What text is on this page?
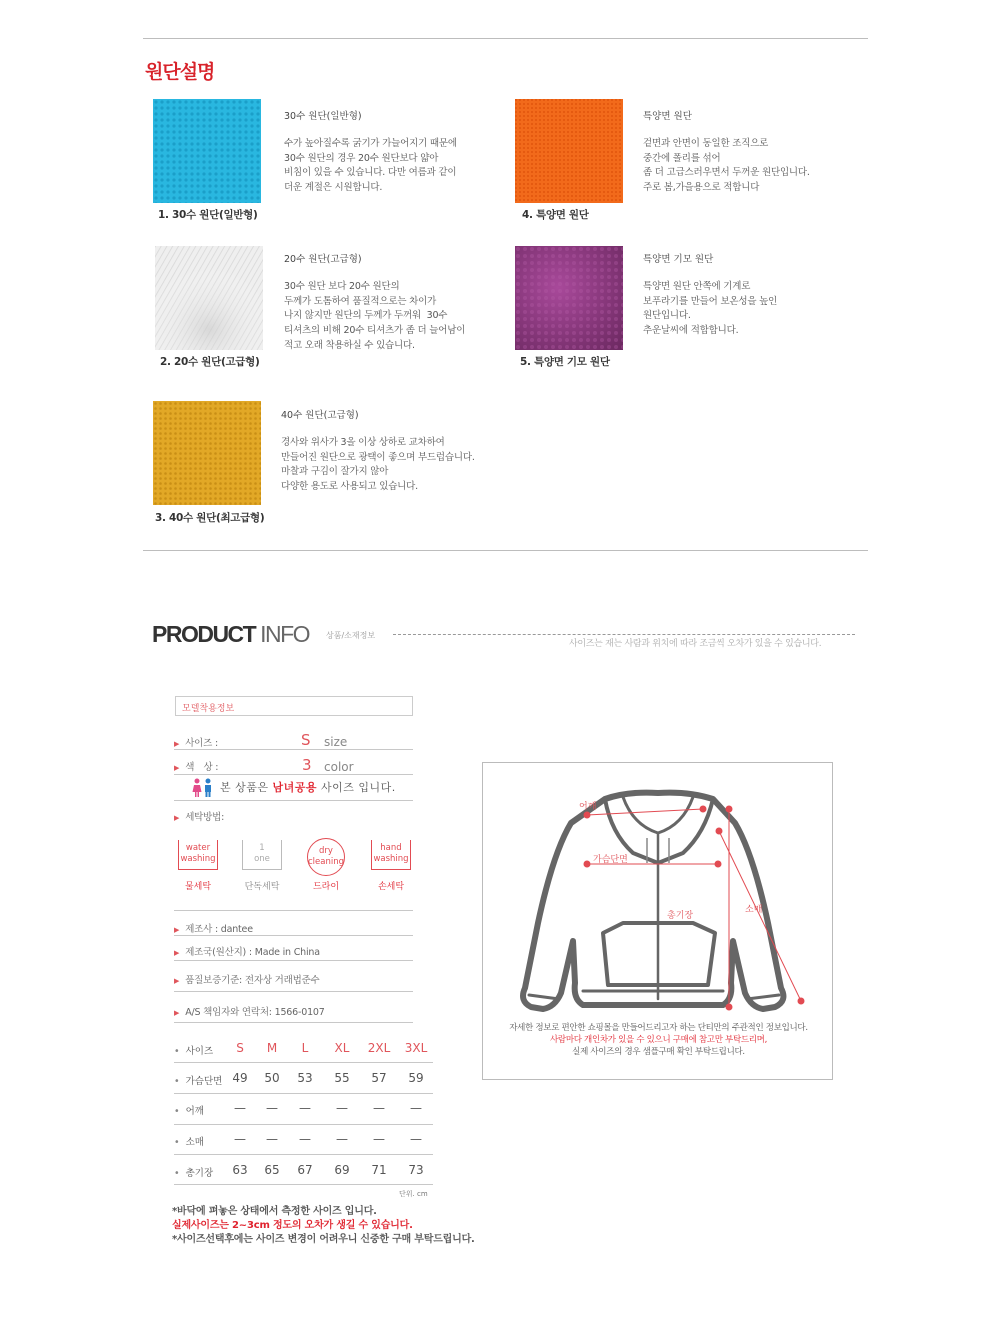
원단설명
1. 30수 원단(일반형)
30수 원단(일반형)
수가 높아질수록 굵기가 가늘어지기 때문에
30수 원단의 경우 20수 원단보다 얇아
비침이 있을 수 있습니다. 다만 여름과 같이
더운 계절은 시원합니다.
2. 20수 원단(고급형)
20수 원단(고급형)
30수 원단 보다 20수 원단의
두께가 도톰하여 품질적으로는 차이가
나지 않지만 원단의 두께가 두꺼워  30수
티셔츠의 비해 20수 티셔츠가 좀 더 늘어남이
적고 오래 착용하실 수 있습니다.
3. 40수 원단(최고급형)
40수 원단(고급형)
경사와 위사가 3올 이상 상하로 교차하여
만들어진 원단으로 광택이 좋으며 부드럽습니다.
마찰과 구김이 잘가지 않아
다양한 용도로 사용되고 있습니다.
4. 특양면 원단
특양면 원단
겉면과 안면이 동일한 조직으로
중간에 폴리를 섞어
좀 더 고급스러우면서 두꺼운 원단입니다.
주로 봄,가을용으로 적합니다
5. 특양면 기모 원단
특양면 기모 원단
특양면 원단 안쪽에 기계로
보푸라기를 만들어 보온성을 높인
원단입니다.
추운날씨에 적합합니다.
PRODUCT INFO 상품/소재정보
사이즈는 재는 사람과 위치에 따라 조금씩 오차가 있을 수 있습니다.
모델착용정보
▶ 사이즈 :	S size
▶ 색　상 :	3 color
본 상품은 남녀공용 사이즈 입니다.
▶ 세탁방법:
water
washing
물세탁
1
one
단독세탁
dry
cleaning
드라이
hand
washing
손세탁
▶ 제조사 : dantee
▶ 제조국(원산지) : Made in China
▶ 품질보증기준: 전자상 거래법준수
▶ A/S 책임자와 연락처: 1566-0107
• 사이즈	S	M	L	XL	2XL	3XL
• 가슴단면 49	50	53	55	57	59
• 어깨	—	—	—	—	—	—
• 소매	—	—	—	—	—	—
• 총기장	63	65	67	69	71	73
단위. cm
*바닥에 펴놓은 상태에서 측정한 사이즈 입니다.
실제사이즈는 2~3cm 정도의 오차가 생길 수 있습니다.
*사이즈선택후에는 사이즈 변경이 어려우니 신중한 구매 부탁드립니다.
어깨
가슴단면
총기장
소매
자세한 정보로 편안한 쇼핑몰을 만들어드리고자 하는 단티만의 주관적인 정보입니다.
사람마다 개인차가 있을 수 있으니 구매에 참고만 부탁드리며,
실제 사이즈의 경우 샘플구매 확인 부탁드립니다.
